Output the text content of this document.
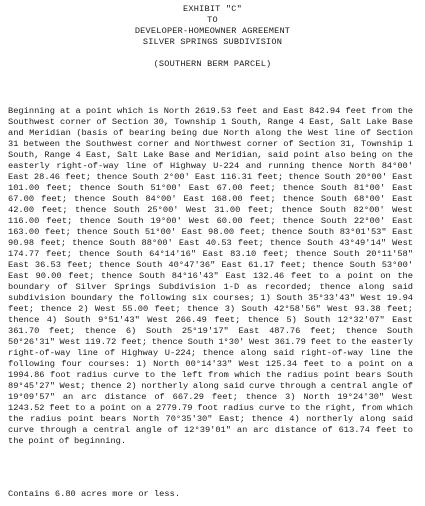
EXHIBIT "C"
TO
DEVELOPER-HOMEOWNER AGREEMENT
SILVER SPRINGS SUBDIVISION
(SOUTHERN BERM PARCEL)

Beginning at a point which is North 2619.53 feet and East 842.94 feet from the Southwest corner of Section 30, Township 1 South, Range 4 East, Salt Lake Base and Meridian (basis of bearing being due North along the West line of Section 31 between the Southwest corner and Northwest corner of Section 31, Township 1 South, Range 4 East, Salt Lake Base and Meridian, said point also being on the easterly right-of-way line of Highway U-224 and running thence North 84°00' East 28.46 feet; thence South 2°00' East 116.31 feet; thence South 20°00' East 101.00 feet; thence South 51°00' East 67.00 feet; thence South 81°00' East 67.00 feet; thence South 84°00' East 168.00 feet; thence South 68°00' East 42.00 feet; thence South 25°00' West 31.00 feet; thence South 82°00' West 116.00 feet; thence South 19°00' West 60.00 feet; thence South 22°00' East 163.00 feet; thence South 51°00' East 98.00 feet; thence South 83°01'53" East 90.98 feet; thence South 88°00' East 40.53 feet; thence South 43°49'14" West 174.77 feet; thence South 64°14'16" East 83.10 feet; thence South 20°11'58" East 36.53 feet; thence South 40°47'36" East 61.17 feet; thence South 53°00' East 90.00 feet; thence South 84°16'43" East 132.46 feet to a point on the boundary of Silver Springs Subdivision 1-D as recorded; thence along said subdivision boundary the following six courses; 1) South 35°33'43" West 19.94 feet; thence 2) West 55.00 feet; thence 3) South 42°58'56" West 93.38 feet; thence 4) South 9°51'43" West 266.49 feet; thence 5) South 12°32'07" East 361.70 feet; thence 6) South 25°19'17" East 487.76 feet; thence South 50°26'31" West 119.72 feet; thence South 1°30' West 361.79 feet to the easterly right-of-way line of Highway U-224; thence along said right-of-way line the following four courses: 1) North 00°14'33" West 125.34 feet to a point on a 1994.86 foot radius curve to the left from which the radius point bears South 89°45'27" West; thence 2) northerly along said curve through a central angle of 19°09'57" an arc distance of 667.29 feet; thence 3) North 19°24'30" West 1243.52 feet to a point on a 2779.79 foot radius curve to the right, from which the radius point bears North 70°35'30" East; thence 4) northerly along said curve through a central angle of 12°39'01" an arc distance of 613.74 feet to the point of beginning.

Contains 6.80 acres more or less.
